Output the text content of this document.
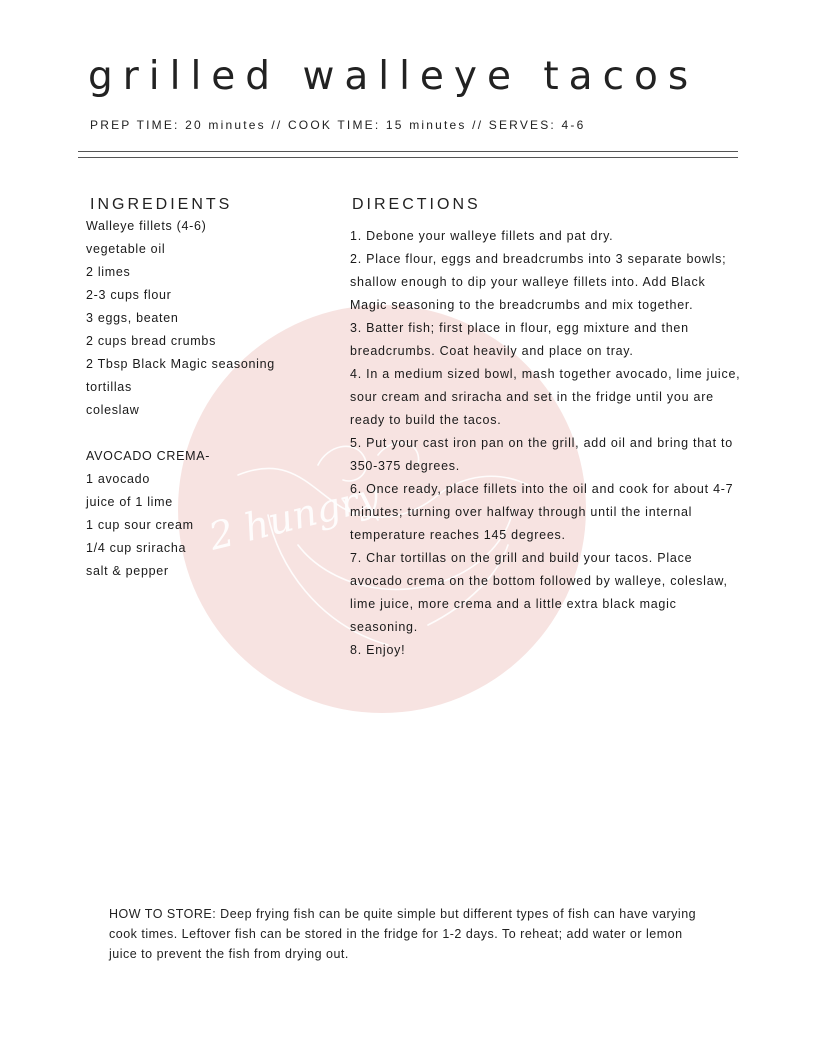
2 hungry
grilled walleye tacos

PREP TIME: 20 minutes // COOK TIME: 15 minutes // SERVES: 4-6

INGREDIENTS
Walleye fillets (4-6)
vegetable oil
2 limes
2-3 cups flour
3 eggs, beaten
2 cups bread crumbs
2 Tbsp Black Magic seasoning
tortillas
coleslaw
AVOCADO CREMA-
1 avocado
juice of 1 lime
1 cup sour cream
1/4 cup sriracha
salt & pepper
DIRECTIONS
1. Debone your walleye fillets and pat dry.
2. Place flour, eggs and breadcrumbs into 3 separate bowls; shallow enough to dip your walleye fillets into. Add Black Magic seasoning to the breadcrumbs and mix together.
3. Batter fish; first place in flour, egg mixture and then breadcrumbs. Coat heavily and place on tray.
4. In a medium sized bowl, mash together avocado, lime juice, sour cream and sriracha and set in the fridge until you are ready to build the tacos.
5. Put your cast iron pan on the grill, add oil and bring that to 350-375 degrees.
6. Once ready, place fillets into the oil and cook for about 4-7 minutes; turning over halfway through until the internal temperature reaches 145 degrees.
7. Char tortillas on the grill and build your tacos. Place avocado crema on the bottom followed by walleye, coleslaw, lime juice, more crema and a little extra black magic seasoning.
8. Enjoy!

HOW TO STORE: Deep frying fish can be quite simple but different types of fish can have varying cook times. Leftover fish can be stored in the fridge for 1-2 days. To reheat; add water or lemon juice to prevent the fish from drying out.
